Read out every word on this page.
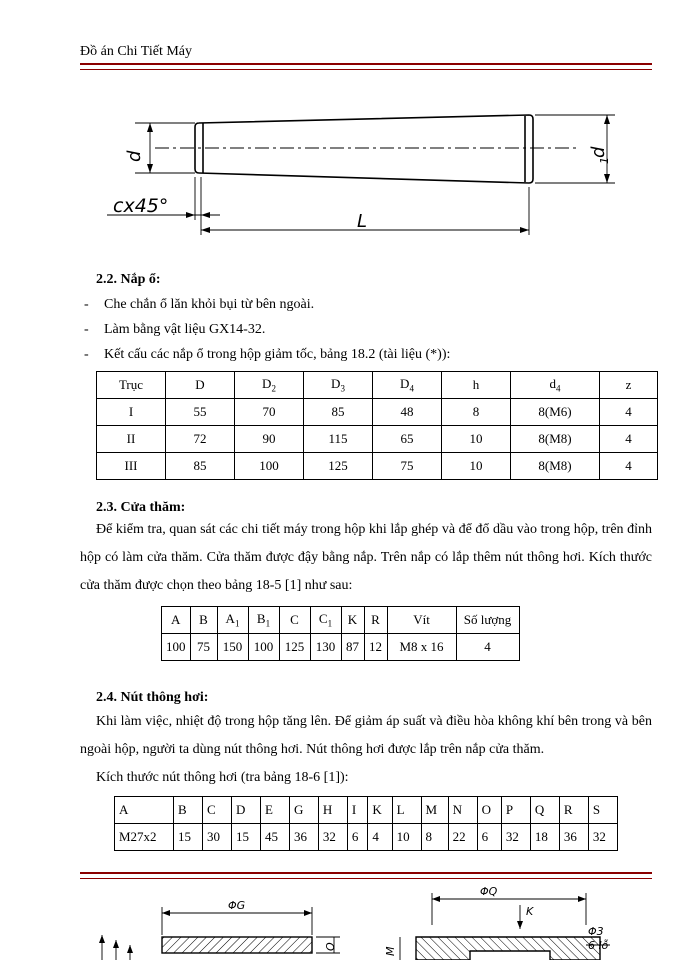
Đồ án Chi Tiết Máy
d	d
1
cx45°
L
2.2. Nắp ổ:
- Che chắn ổ lăn khỏi bụi từ bên ngoài.
- Làm bằng vật liệu GX14-32.
- Kết cấu các nắp ổ trong hộp giảm tốc, bảng 18.2 (tài liệu (*)):
Trục	D	$D_2$	$D_3$	$D_4$	h	$d_4$	z
I	55	70	85	48	8	8(M6)	4
II	72	90	115	65	10	8(M8)	4
III	85	100	125	75	10	8(M8)	4
2.3. Cửa thăm:
Để kiểm tra, quan sát các chi tiết máy trong hộp khi lắp ghép và để đổ dầu vào trong hộp, trên đỉnh hộp có làm cửa thăm. Cửa thăm được đậy bằng nắp. Trên nắp có lắp thêm nút thông hơi. Kích thước cửa thăm được chọn theo bảng 18-5 [1] như sau:
A	B	$A_1$	$B_1$	C	$C_1$	K	R	Vít	Số lượng
100	75	150	100	125	130	87	12	M8 x 16	4
2.4. Nút thông hơi:
Khi làm việc, nhiệt độ trong hộp tăng lên. Để giảm áp suất và điều hòa không khí bên trong và bên ngoài hộp, người ta dùng nút thông hơi. Nút thông hơi được lắp trên nắp cửa thăm.
Kích thước nút thông hơi (tra bảng 18-6 [1]):
A	B	C	D	E	G	H	I	K	L	M	N	O	P	Q	R	S
M27x2	15	30	15	45	36	32	6	4	10	8	22	6	32	18	36	32
ΦG
O
ΦQ
K
M
Φ3
6 lỗ
